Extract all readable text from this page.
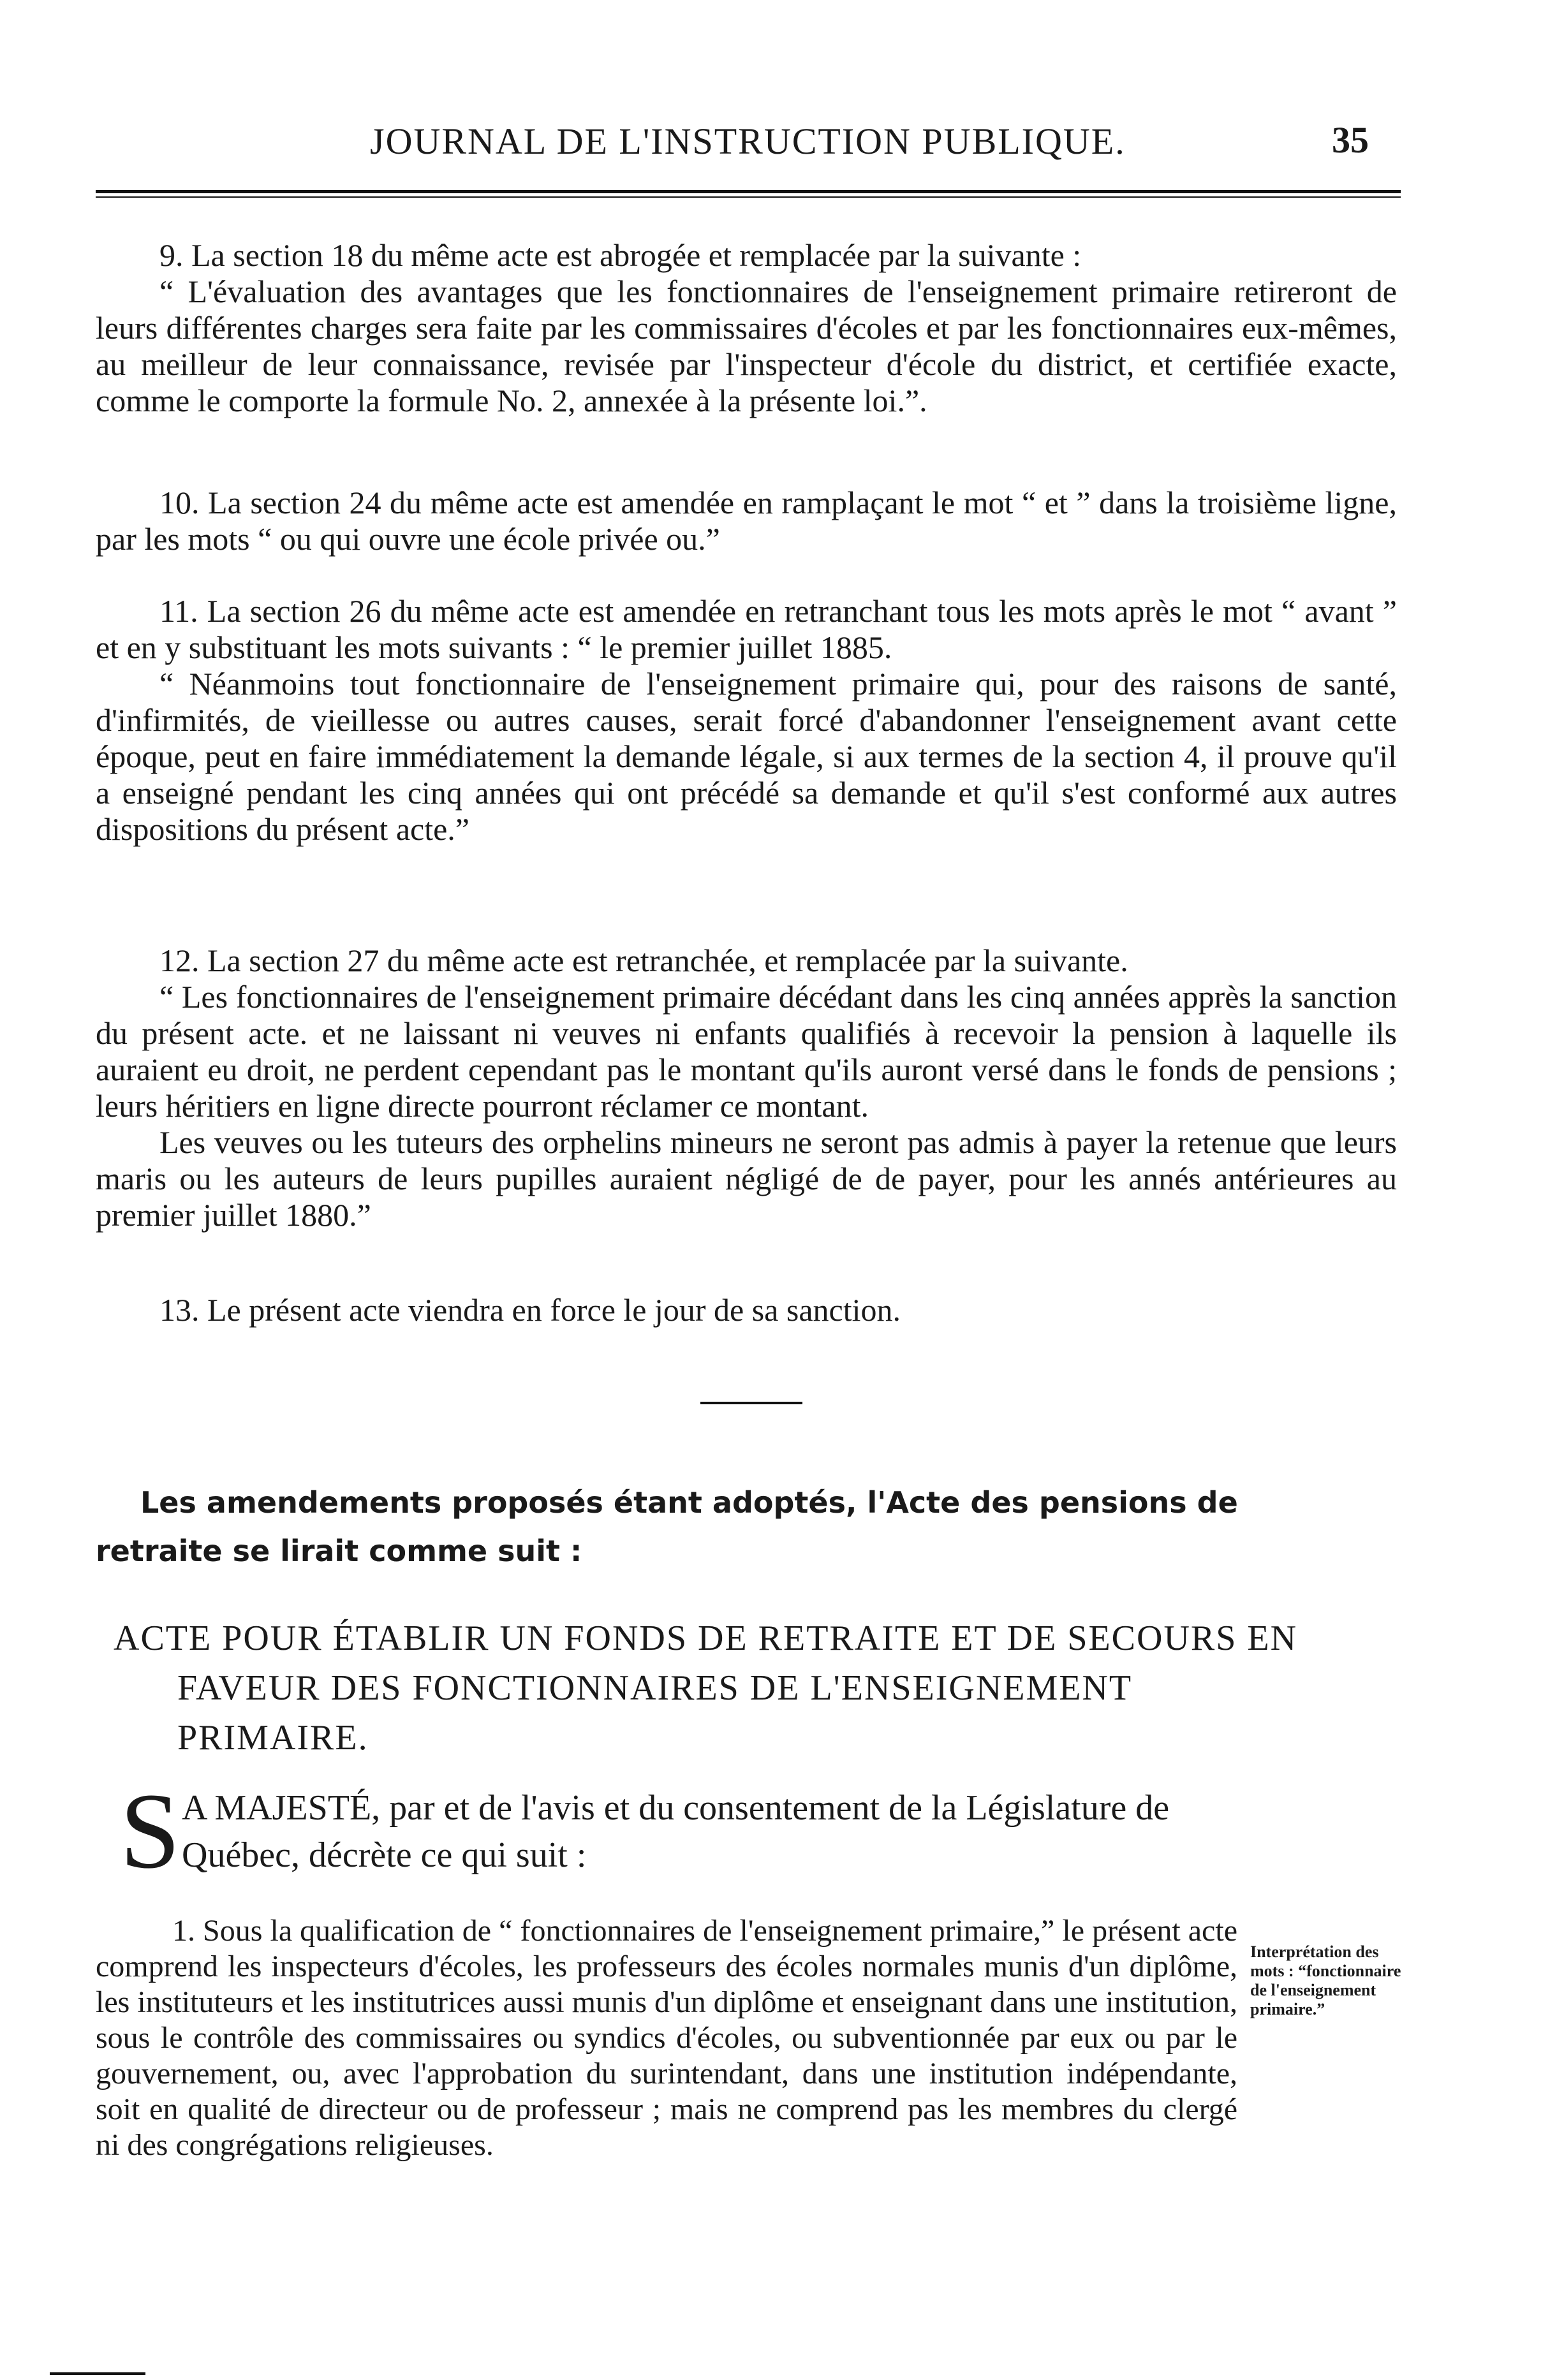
JOURNAL DE L'INSTRUCTION PUBLIQUE.	35

9. La section 18 du même acte est abrogée et remplacée par la suivante :

“ L'évaluation des avantages que les fonctionnaires de l'enseignement primaire retireront de leurs différentes charges sera faite par les commissaires d'écoles et par les fonctionnaires eux-mêmes, au meilleur de leur connaissance, revisée par l'inspecteur d'école du district, et certifiée exacte, comme le comporte la formule No. 2, annexée à la présente loi.”.

10. La section 24 du même acte est amendée en ramplaçant le mot “ et ” dans la troisième ligne, par les mots “ ou qui ouvre une école privée ou.”

11. La section 26 du même acte est amendée en retranchant tous les mots après le mot “ avant ” et en y substituant les mots suivants : “ le premier juillet 1885.

“ Néanmoins tout fonctionnaire de l'enseignement primaire qui, pour des raisons de santé, d'infirmités, de vieillesse ou autres causes, serait forcé d'abandonner l'enseignement avant cette époque, peut en faire immédiatement la demande légale, si aux termes de la section 4, il prouve qu'il a enseigné pendant les cinq années qui ont précédé sa demande et qu'il s'est conformé aux autres dispositions du présent acte.”

12. La section 27 du même acte est retranchée, et remplacée par la suivante.

“ Les fonctionnaires de l'enseignement primaire décédant dans les cinq années apprès la sanction du présent acte. et ne laissant ni veuves ni enfants qualifiés à recevoir la pension à laquelle ils auraient eu droit, ne perdent cependant pas le montant qu'ils auront versé dans le fonds de pensions ; leurs héritiers en ligne directe pourront réclamer ce montant.

Les veuves ou les tuteurs des orphelins mineurs ne seront pas admis à payer la retenue que leurs maris ou les auteurs de leurs pupilles auraient négligé de de payer, pour les annés antérieures au premier juillet 1880.”

13. Le présent acte viendra en force le jour de sa sanction.

Les amendements proposés étant adoptés, l'Acte des pensions de retraite se lirait comme suit :
ACTE POUR ÉTABLIR UN FONDS DE RETRAITE ET DE SECOURS EN FAVEUR DES FONCTIONNAIRES DE L'ENSEIGNEMENT PRIMAIRE.
S A MAJESTÉ, par et de l'avis et du consentement de la Législature de Québec, décrète ce qui suit :

1. Sous la qualification de “ fonctionnaires de l'enseignement primaire,” le présent acte comprend les inspecteurs d'écoles, les professeurs des écoles normales munis d'un diplôme, les instituteurs et les institutrices aussi munis d'un diplôme et enseignant dans une institution, sous le contrôle des commissaires ou syndics d'écoles, ou subventionnée par eux ou par le gouvernement, ou, avec l'approbation du surintendant, dans une institution indépendante, soit en qualité de directeur ou de professeur ; mais ne comprend pas les membres du clergé ni des congrégations religieuses.

Interprétation des mots : “fonctionnaire de l'enseignement primaire.”
